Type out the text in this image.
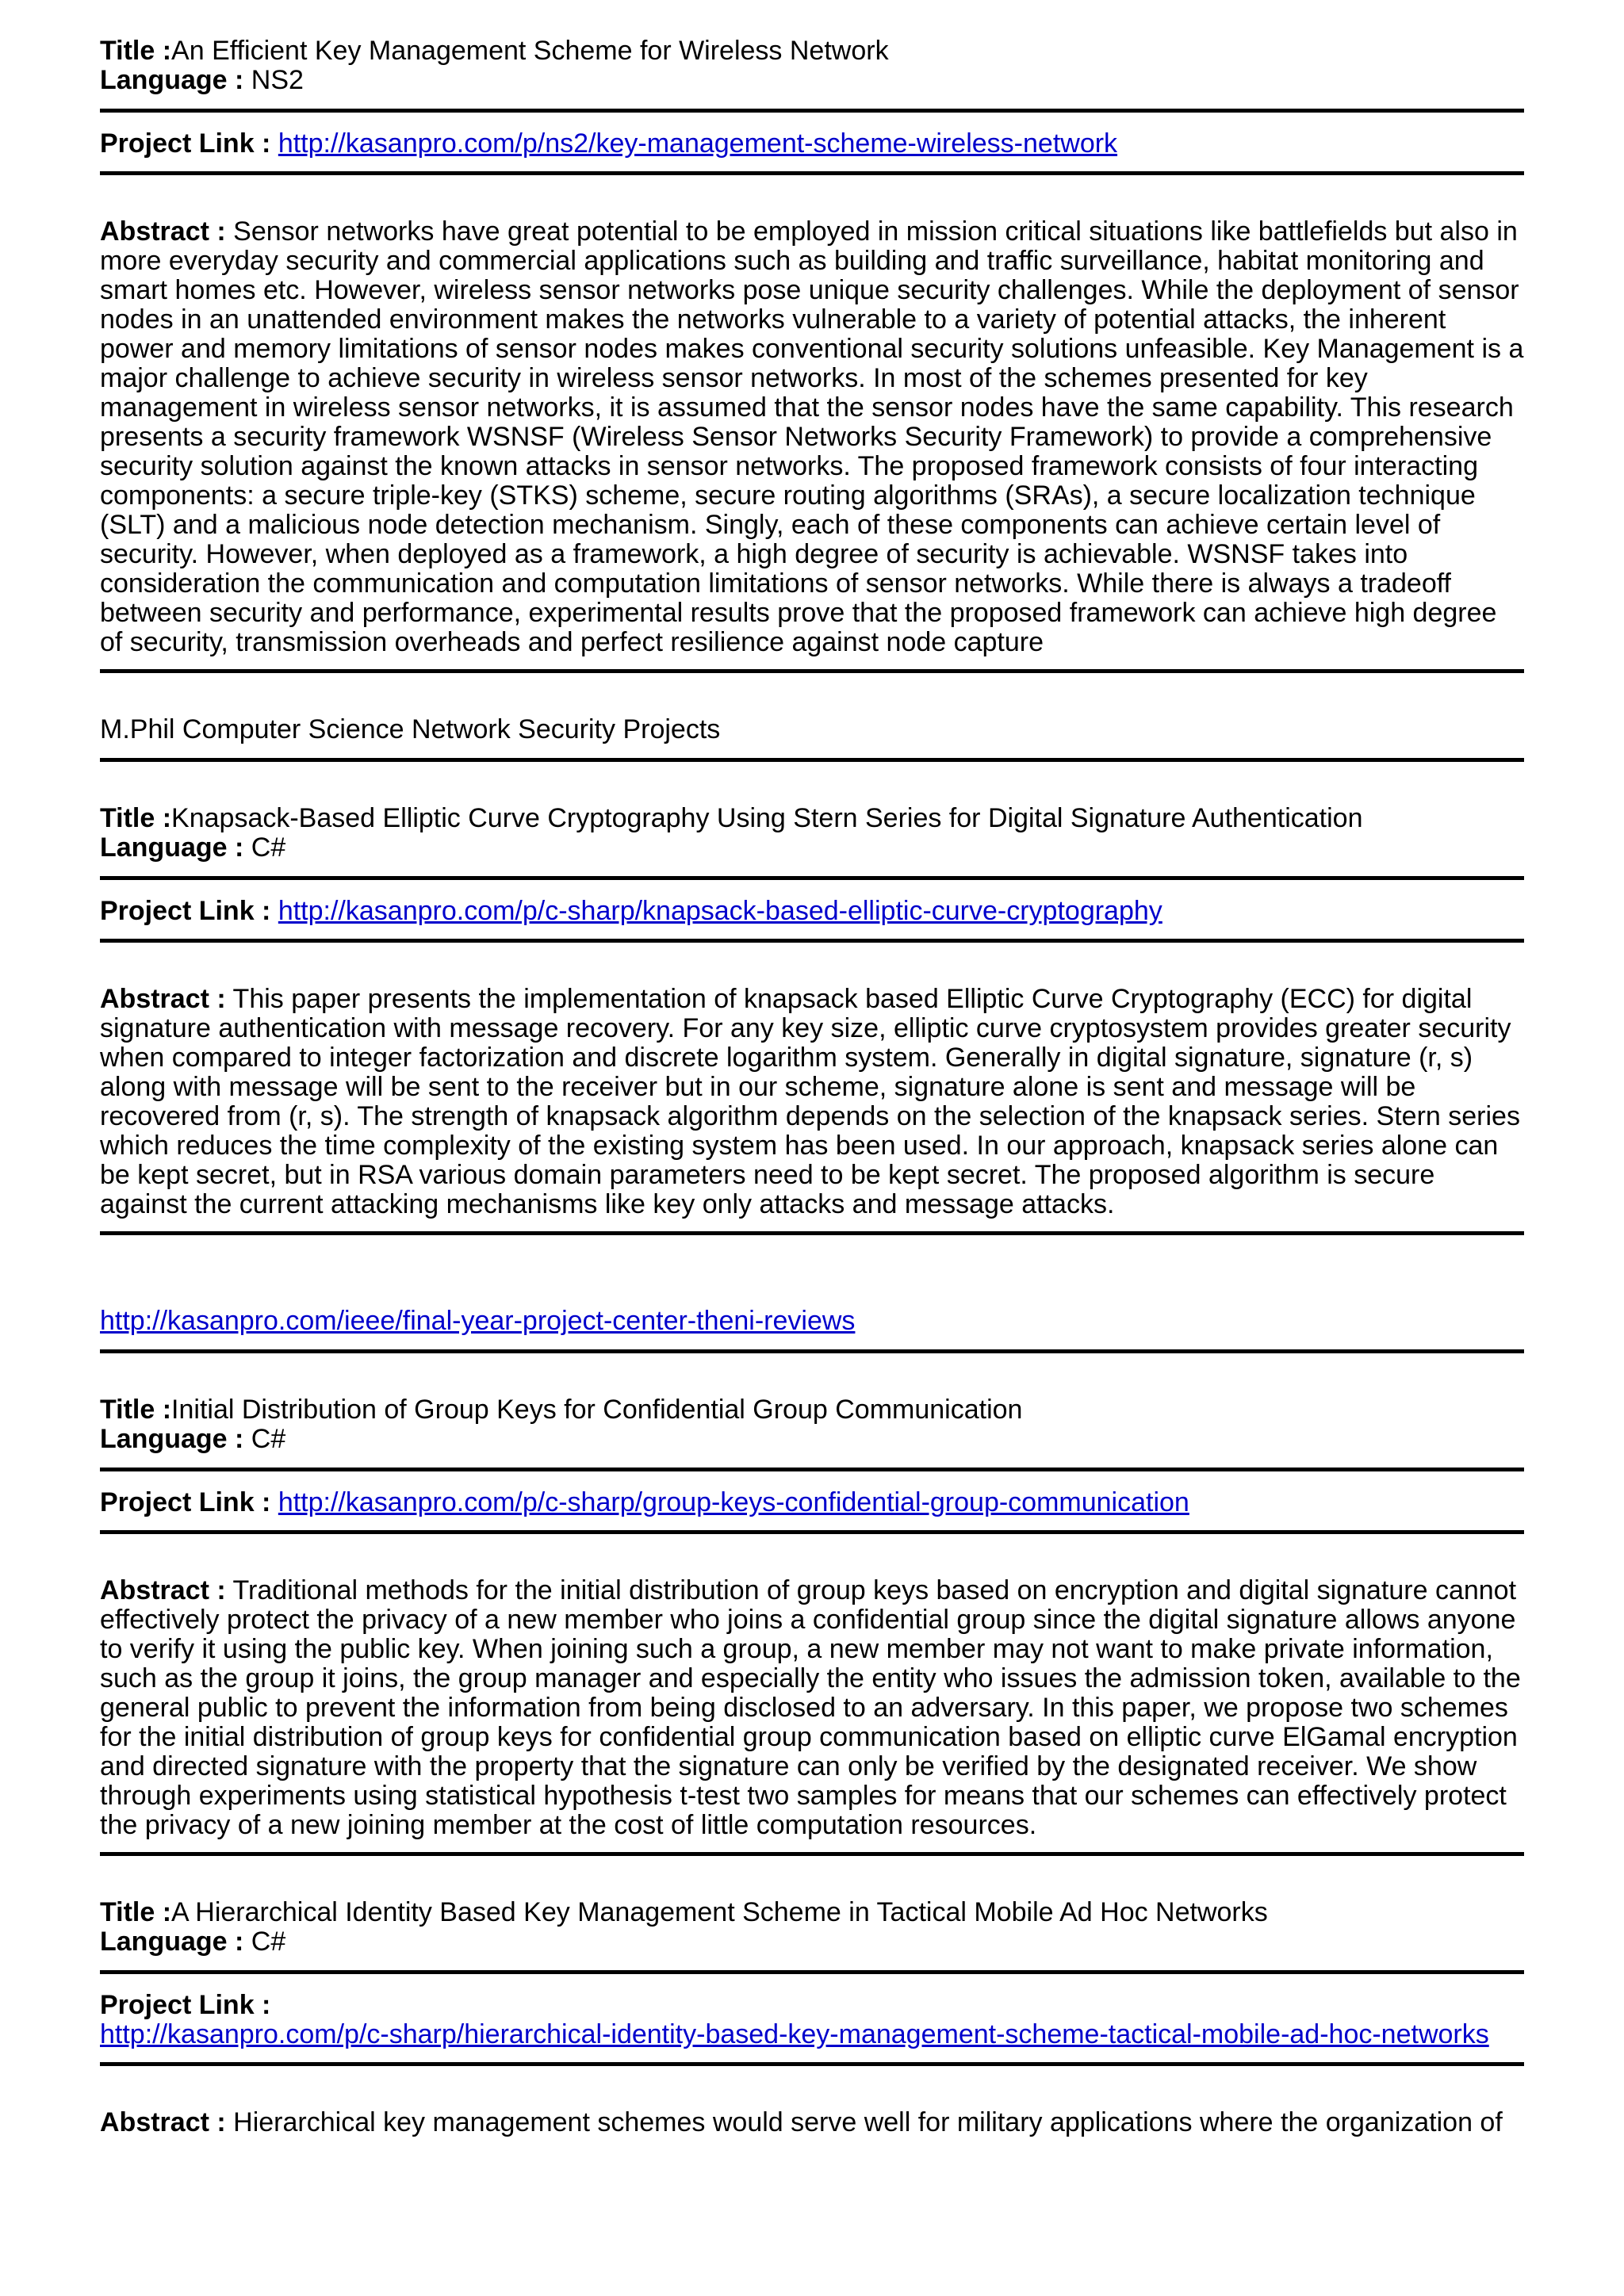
Title :An Efficient Key Management Scheme for Wireless Network

Language : NS2

Project Link : http://kasanpro.com/p/ns2/key-management-scheme-wireless-network

Abstract : Sensor networks have great potential to be employed in mission critical situations like battlefields but also in more everyday security and commercial applications such as building and traffic surveillance, habitat monitoring and smart homes etc. However, wireless sensor networks pose unique security challenges. While the deployment of sensor nodes in an unattended environment makes the networks vulnerable to a variety of potential attacks, the inherent power and memory limitations of sensor nodes makes conventional security solutions unfeasible. Key Management is a major challenge to achieve security in wireless sensor networks. In most of the schemes presented for key management in wireless sensor networks, it is assumed that the sensor nodes have the same capability. This research presents a security framework WSNSF (Wireless Sensor Networks Security Framework) to provide a comprehensive security solution against the known attacks in sensor networks. The proposed framework consists of four interacting components: a secure triple-key (STKS) scheme, secure routing algorithms (SRAs), a secure localization technique (SLT) and a malicious node detection mechanism. Singly, each of these components can achieve certain level of security. However, when deployed as a framework, a high degree of security is achievable. WSNSF takes into consideration the communication and computation limitations of sensor networks. While there is always a tradeoff between security and performance, experimental results prove that the proposed framework can achieve high degree of security, transmission overheads and perfect resilience against node capture

M.Phil Computer Science Network Security Projects

Title :Knapsack-Based Elliptic Curve Cryptography Using Stern Series for Digital Signature Authentication

Language : C#

Project Link : http://kasanpro.com/p/c-sharp/knapsack-based-elliptic-curve-cryptography

Abstract : This paper presents the implementation of knapsack based Elliptic Curve Cryptography (ECC) for digital signature authentication with message recovery. For any key size, elliptic curve cryptosystem provides greater security when compared to integer factorization and discrete logarithm system. Generally in digital signature, signature (r, s) along with message will be sent to the receiver but in our scheme, signature alone is sent and message will be recovered from (r, s). The strength of knapsack algorithm depends on the selection of the knapsack series. Stern series which reduces the time complexity of the existing system has been used. In our approach, knapsack series alone can be kept secret, but in RSA various domain parameters need to be kept secret. The proposed algorithm is secure against the current attacking mechanisms like key only attacks and message attacks.

http://kasanpro.com/ieee/final-year-project-center-theni-reviews

Title :Initial Distribution of Group Keys for Confidential Group Communication

Language : C#

Project Link : http://kasanpro.com/p/c-sharp/group-keys-confidential-group-communication

Abstract : Traditional methods for the initial distribution of group keys based on encryption and digital signature cannot effectively protect the privacy of a new member who joins a confidential group since the digital signature allows anyone to verify it using the public key. When joining such a group, a new member may not want to make private information, such as the group it joins, the group manager and especially the entity who issues the admission token, available to the general public to prevent the information from being disclosed to an adversary. In this paper, we propose two schemes for the initial distribution of group keys for confidential group communication based on elliptic curve ElGamal encryption and directed signature with the property that the signature can only be verified by the designated receiver. We show through experiments using statistical hypothesis t-test two samples for means that our schemes can effectively protect the privacy of a new joining member at the cost of little computation resources.

Title :A Hierarchical Identity Based Key Management Scheme in Tactical Mobile Ad Hoc Networks

Language : C#

Project Link :

http://kasanpro.com/p/c-sharp/hierarchical-identity-based-key-management-scheme-tactical-mobile-ad-hoc-networks

Abstract : Hierarchical key management schemes would serve well for military applications where the organization of
